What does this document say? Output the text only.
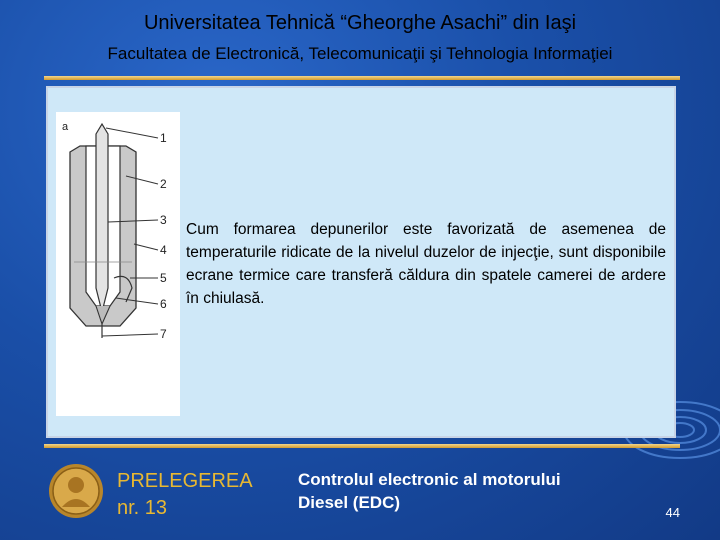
Universitatea Tehnică “Gheorghe Asachi” din Iaşi
Facultatea de Electronică, Telecomunicaţii şi Tehnologia Informaţiei
a
1
2
3
4
5
6
7
Cum formarea depunerilor este favorizată de asemenea de temperaturile ridicate de la nivelul duzelor de injecţie, sunt disponibile ecrane termice care transferă căldura din spatele camerei de ardere în chiulasă.
PRELEGEREA
nr. 13
Controlul electronic al motorului
Diesel (EDC)
44
